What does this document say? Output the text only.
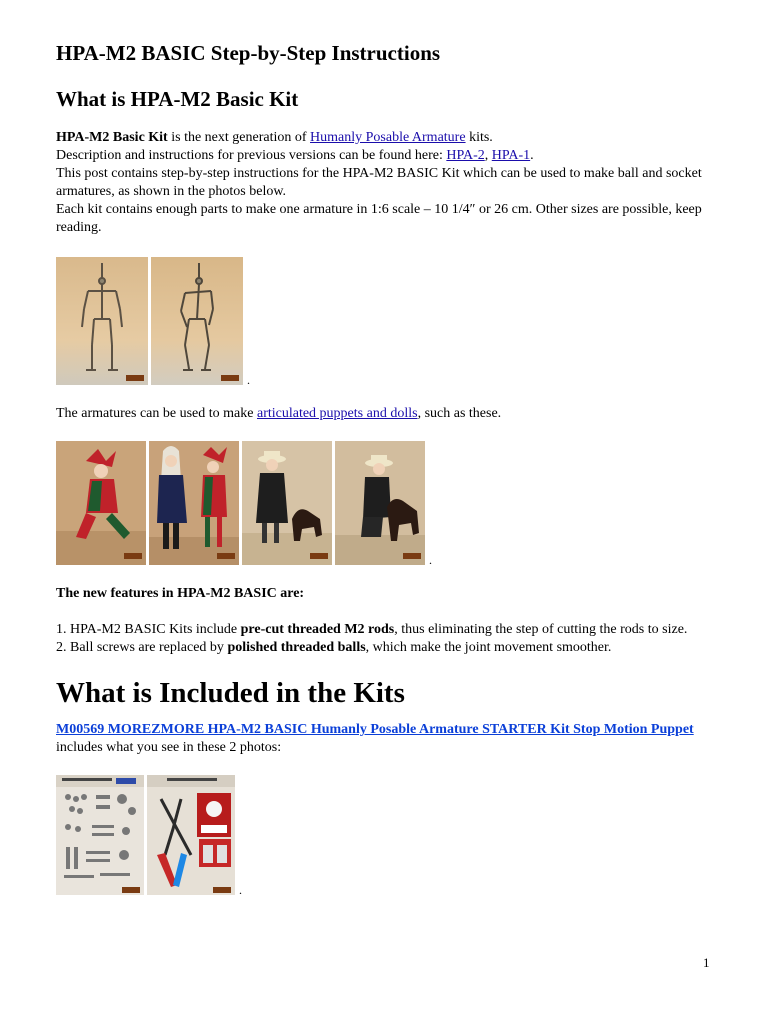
HPA-M2 BASIC Step-by-Step Instructions
What is HPA-M2 Basic Kit

HPA-M2 Basic Kit is the next generation of Humanly Posable Armature kits.
Description and instructions for previous versions can be found here: HPA-2, HPA-1.
This post contains step-by-step instructions for the HPA-M2 BASIC Kit which can be used to make ball and socket armatures, as shown in the photos below.
Each kit contains enough parts to make one armature in 1:6 scale – 10 1/4″ or 26 cm. Other sizes are possible, keep reading.

.

The armatures can be used to make articulated puppets and dolls, such as these.

.

The new features in HPA-M2 BASIC are:

1. HPA-M2 BASIC Kits include pre-cut threaded M2 rods, thus eliminating the step of cutting the rods to size.
2. Ball screws are replaced by polished threaded balls, which make the joint movement smoother.

What is Included in the Kits

M00569 MOREZMORE HPA-M2 BASIC Humanly Posable Armature STARTER Kit Stop Motion Puppet
includes what you see in these 2 photos:

.
1
